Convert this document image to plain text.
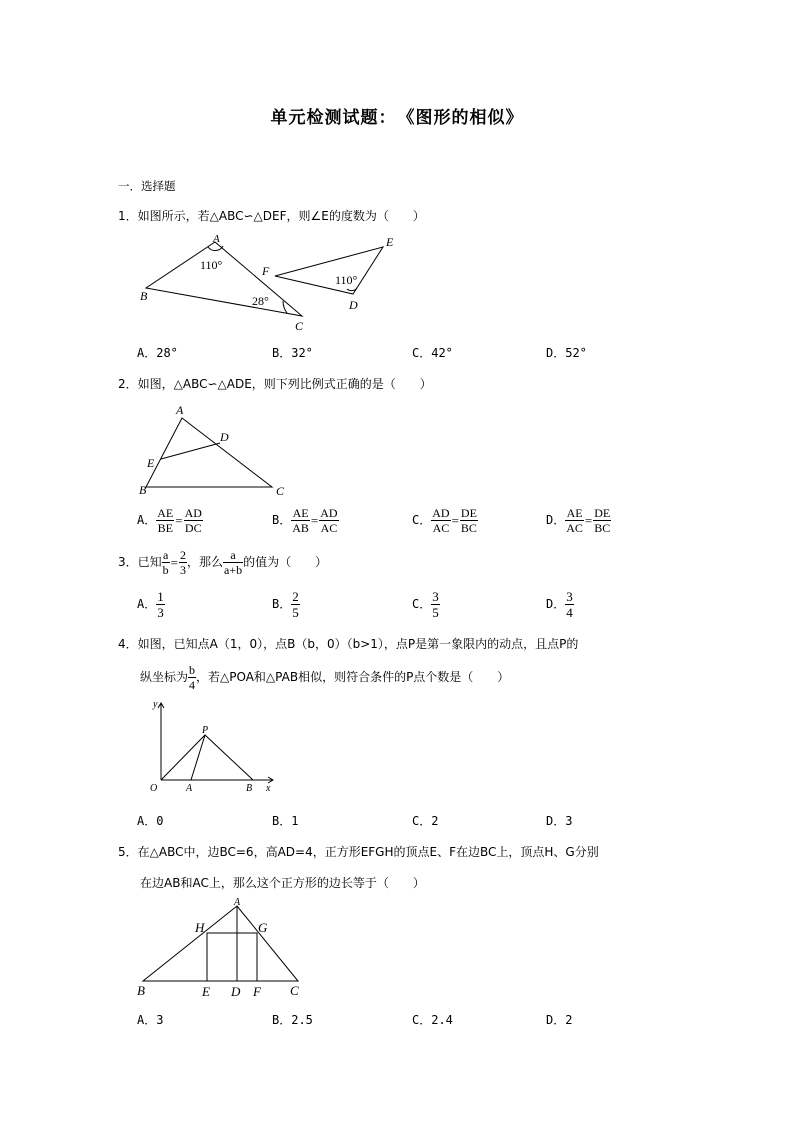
单元检测试题：　《图形的相似》
一．选择题
1．如图所示，若△ABC∽△DEF，则∠E的度数为（　　）
A
B
C
D
E
F
110°
28°
110°
A．28°	B．32°	C．42°	D．52°
2．如图，△ABC∽△ADE，则下列比例式正确的是（　　）
A
B	C
D
E
A． $\frac{AE}{BE} = \frac{AD}{DC}$	B． $\frac{AE}{AB} = \frac{AD}{AC}$	C． $\frac{AD}{AC} = \frac{DE}{BC}$	D． $\frac{AE}{AC} = \frac{DE}{BC}$
3．已知 $\frac{a}{b} = \frac{2}{3}$ ，那么 $\frac{a}{a+b}$ 的值为（　　）
A． $\frac{1}{3}$	B． $\frac{2}{5}$	C． $\frac{3}{5}$	D． $\frac{3}{4}$
4．如图，已知点A（1，0），点B（b，0）（b>1），点P是第一象限内的动点，且点P的
纵坐标为 $\frac{b}{4}$ ，若△POA和△PAB相似，则符合条件的P点个数是（　　）
y
x
O	A	B
P
A．0	B．1	C．2	D．3
5．在△ABC中，边BC=6，高AD=4，正方形EFGH的顶点E、F在边BC上，顶点H、G分别
在边AB和AC上，那么这个正方形的边长等于（　　）
A
B	C
D
E	F
G
H
A．3	B．2.5	C．2.4	D．2
